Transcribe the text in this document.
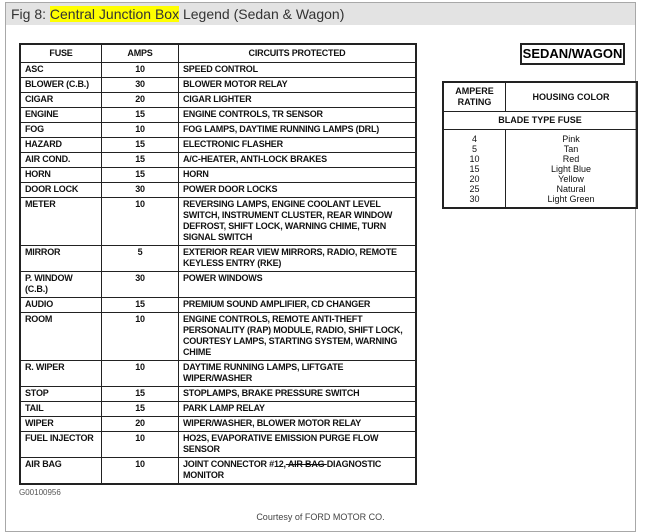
Fig 8: Central Junction Box Legend (Sedan & Wagon)
FUSE	AMPS	CIRCUITS PROTECTED
ASC	10	SPEED CONTROL
BLOWER (C.B.)	30	BLOWER MOTOR RELAY
CIGAR	20	CIGAR LIGHTER
ENGINE	15	ENGINE CONTROLS, TR SENSOR
FOG	10	FOG LAMPS, DAYTIME RUNNING LAMPS (DRL)
HAZARD	15	ELECTRONIC FLASHER
AIR COND.	15	A/C-HEATER, ANTI-LOCK BRAKES
HORN	15	HORN
DOOR LOCK	30	POWER DOOR LOCKS
METER	10	REVERSING LAMPS, ENGINE COOLANT LEVEL SWITCH, INSTRUMENT CLUSTER, REAR WINDOW DEFROST, SHIFT LOCK, WARNING CHIME, TURN SIGNAL SWITCH
MIRROR	5	EXTERIOR REAR VIEW MIRRORS, RADIO, REMOTE KEYLESS ENTRY (RKE)
P. WINDOW (C.B.)	30	POWER WINDOWS
AUDIO	15	PREMIUM SOUND AMPLIFIER, CD CHANGER
ROOM	10	ENGINE CONTROLS, REMOTE ANTI-THEFT PERSONALITY (RAP) MODULE, RADIO, SHIFT LOCK, COURTESY LAMPS, STARTING SYSTEM, WARNING CHIME
R. WIPER	10	DAYTIME RUNNING LAMPS, LIFTGATE WIPER/WASHER
STOP	15	STOPLAMPS, BRAKE PRESSURE SWITCH
TAIL	15	PARK LAMP RELAY
WIPER	20	WIPER/WASHER, BLOWER MOTOR RELAY
FUEL INJECTOR	10	HO2S, EVAPORATIVE EMISSION PURGE FLOW SENSOR
AIR BAG	10	JOINT CONNECTOR #12, AIR BAG DIAGNOSTIC MONITOR
G00100956
SEDAN/WAGON
AMPERE RATING	HOUSING COLOR
BLADE TYPE FUSE	
4	Pink
5	Tan
10	Red
15	Light Blue
20	Yellow
25	Natural
30	Light Green
Courtesy of FORD MOTOR CO.
